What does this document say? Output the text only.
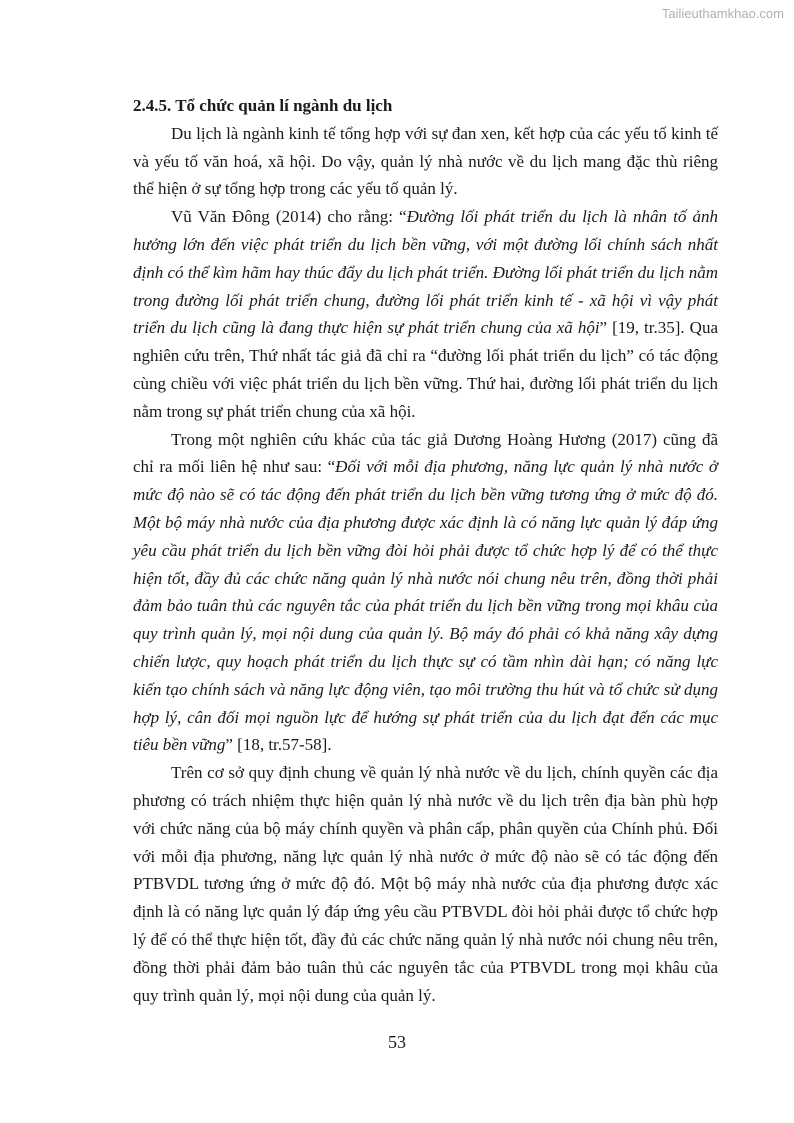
Tailieuthamkhao.com

2.4.5. Tổ chức quản lí ngành du lịch

Du lịch là ngành kinh tế tổng hợp với sự đan xen, kết hợp của các yếu tố kinh tế và yếu tố văn hoá, xã hội. Do vậy, quản lý nhà nước về du lịch mang đặc thù riêng thể hiện ở sự tổng hợp trong các yếu tố quản lý.

Vũ Văn Đông (2014) cho rằng: “Đường lối phát triển du lịch là nhân tố ảnh hưởng lớn đến việc phát triển du lịch bền vững, với một đường lối chính sách nhất định có thể kìm hãm hay thúc đẩy du lịch phát triển. Đường lối phát triển du lịch nằm trong đường lối phát triển chung, đường lối phát triển kinh tế - xã hội vì vậy phát triển du lịch cũng là đang thực hiện sự phát triển chung của xã hội” [19, tr.35]. Qua nghiên cứu trên, Thứ nhất tác giả đã chỉ ra “đường lối phát triển du lịch” có tác động cùng chiều với việc phát triển du lịch bền vững. Thứ hai, đường lối phát triển du lịch nằm trong sự phát triển chung của xã hội.

Trong một nghiên cứu khác của tác giả Dương Hoàng Hương (2017) cũng đã chỉ ra mối liên hệ như sau: “Đối với mỗi địa phương, năng lực quản lý nhà nước ở mức độ nào sẽ có tác động đến phát triển du lịch bền vững tương ứng ở mức độ đó. Một bộ máy nhà nước của địa phương được xác định là có năng lực quản lý đáp ứng yêu cầu phát triển du lịch bền vững đòi hỏi phải được tổ chức hợp lý để có thể thực hiện tốt, đầy đủ các chức năng quản lý nhà nước nói chung nêu trên, đồng thời phải đảm bảo tuân thủ các nguyên tắc của phát triển du lịch bền vững trong mọi khâu của quy trình quản lý, mọi nội dung của quản lý. Bộ máy đó phải có khả năng xây dựng chiến lược, quy hoạch phát triển du lịch thực sự có tầm nhìn dài hạn; có năng lực kiến tạo chính sách và năng lực động viên, tạo môi trường thu hút và tổ chức sử dụng hợp lý, cân đối mọi nguồn lực để hướng sự phát triển của du lịch đạt đến các mục tiêu bền vững” [18, tr.57-58].

Trên cơ sở quy định chung về quản lý nhà nước về du lịch, chính quyền các địa phương có trách nhiệm thực hiện quản lý nhà nước về du lịch trên địa bàn phù hợp với chức năng của bộ máy chính quyền và phân cấp, phân quyền của Chính phủ. Đối với mỗi địa phương, năng lực quản lý nhà nước ở mức độ nào sẽ có tác động đến PTBVDL tương ứng ở mức độ đó. Một bộ máy nhà nước của địa phương được xác định là có năng lực quản lý đáp ứng yêu cầu PTBVDL đòi hỏi phải được tổ chức hợp lý để có thể thực hiện tốt, đầy đủ các chức năng quản lý nhà nước nói chung nêu trên, đồng thời phải đảm bảo tuân thủ các nguyên tắc của PTBVDL trong mọi khâu của quy trình quản lý, mọi nội dung của quản lý.

53
